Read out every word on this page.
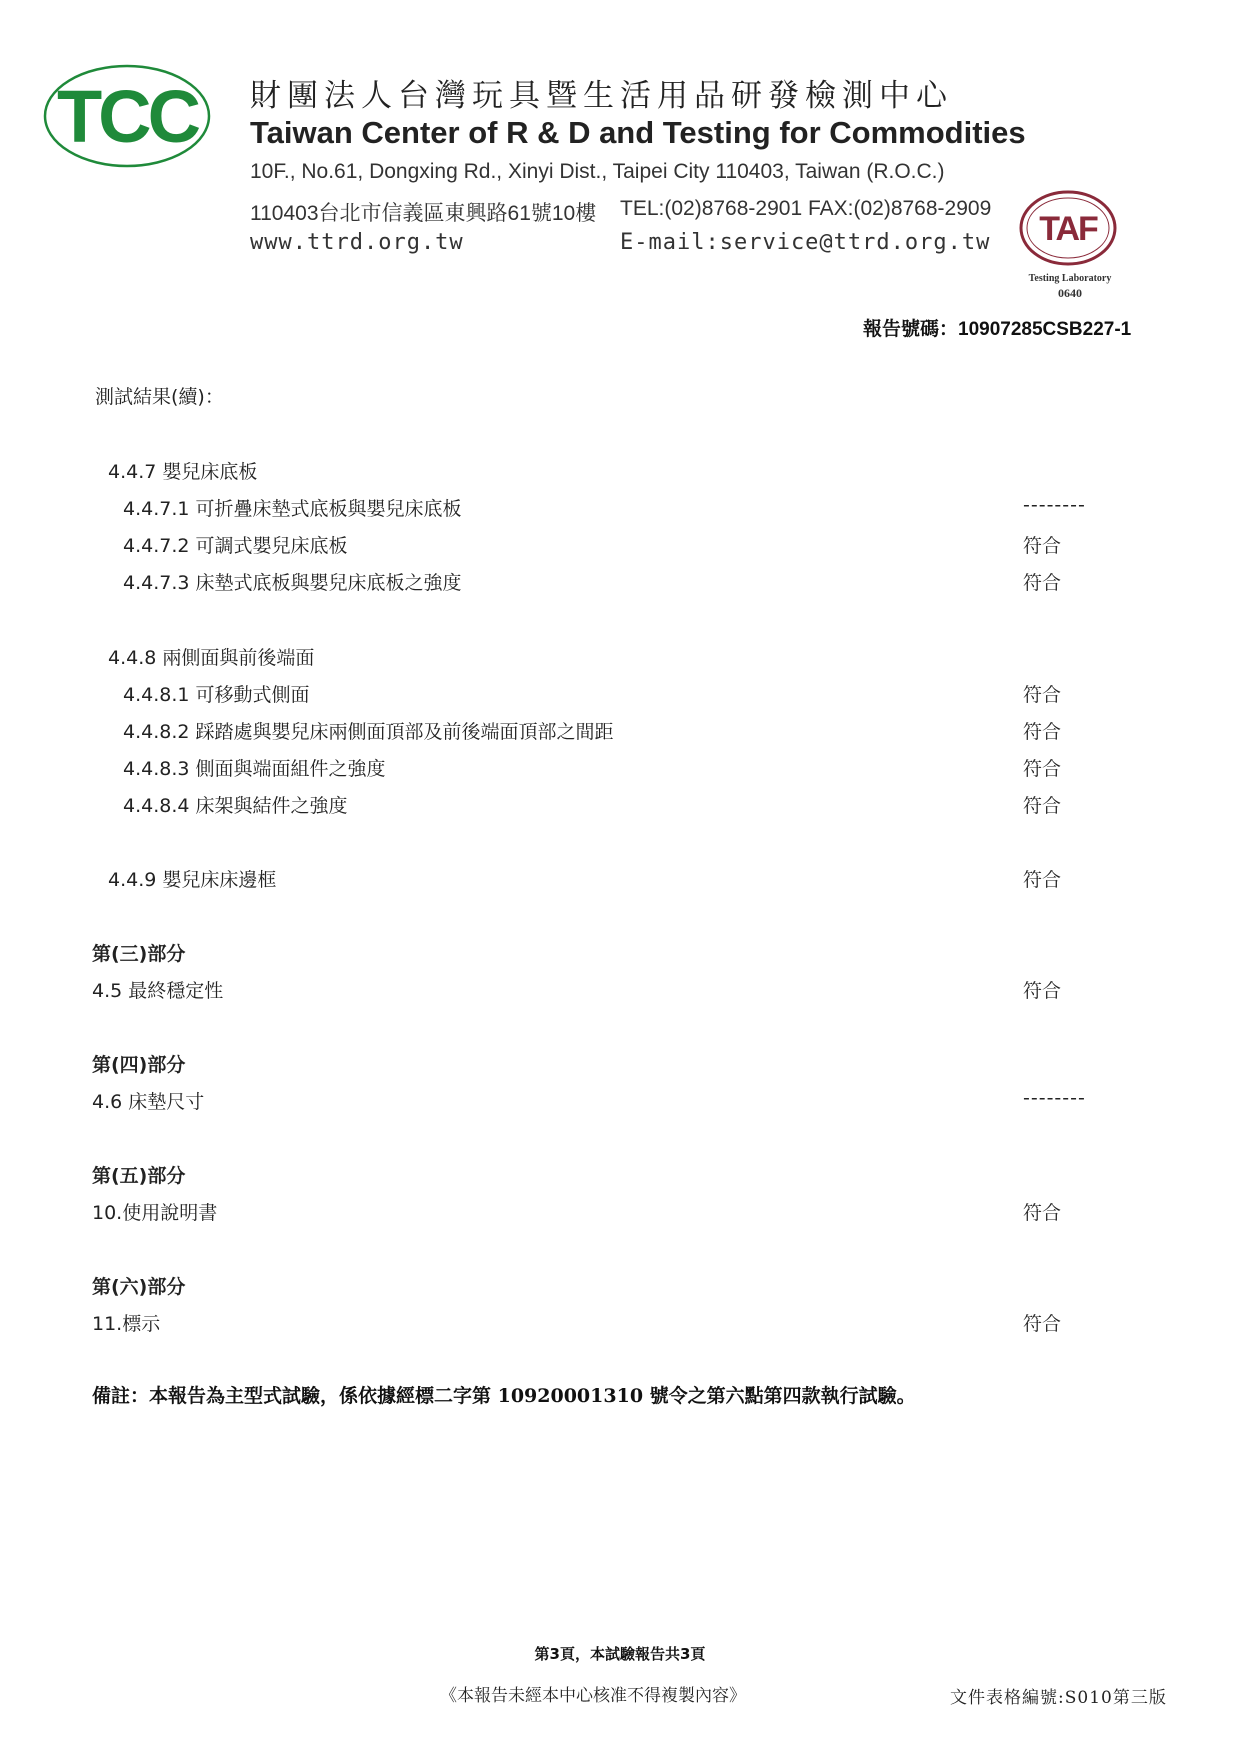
TCC 財團法人台灣玩具暨生活用品研發檢測中心
Taiwan Center of R & D and Testing for Commodities
10F., No.61, Dongxing Rd., Xinyi Dist., Taipei City 110403, Taiwan (R.O.C.)
110403台北市信義區東興路61號10樓 TEL:(02)8768-2901 FAX:(02)8768-2909
www.ttrd.org.tw	E-mail:service@ttrd.org.tw TAF
Testing Laboratory
0640
報告號碼：10907285CSB227-1
測試結果(續)：
4.4.7 嬰兒床底板
4.4.7.1 可折疊床墊式底板與嬰兒床底板	--------
4.4.7.2 可調式嬰兒床底板	符合
4.4.7.3 床墊式底板與嬰兒床底板之強度	符合
4.4.8 兩側面與前後端面
4.4.8.1 可移動式側面	符合
4.4.8.2 踩踏處與嬰兒床兩側面頂部及前後端面頂部之間距	符合
4.4.8.3 側面與端面組件之強度	符合
4.4.8.4 床架與結件之強度	符合
4.4.9 嬰兒床床邊框	符合
第(三)部分
4.5 最終穩定性	符合
第(四)部分
4.6 床墊尺寸	--------
第(五)部分
10.使用說明書	符合
第(六)部分
11.標示	符合
備註：本報告為主型式試驗，係依據經標二字第 10920001310 號令之第六點第四款執行試驗。
第3頁，本試驗報告共3頁
《本報告未經本中心核准不得複製內容》	文件表格編號:S010第三版
